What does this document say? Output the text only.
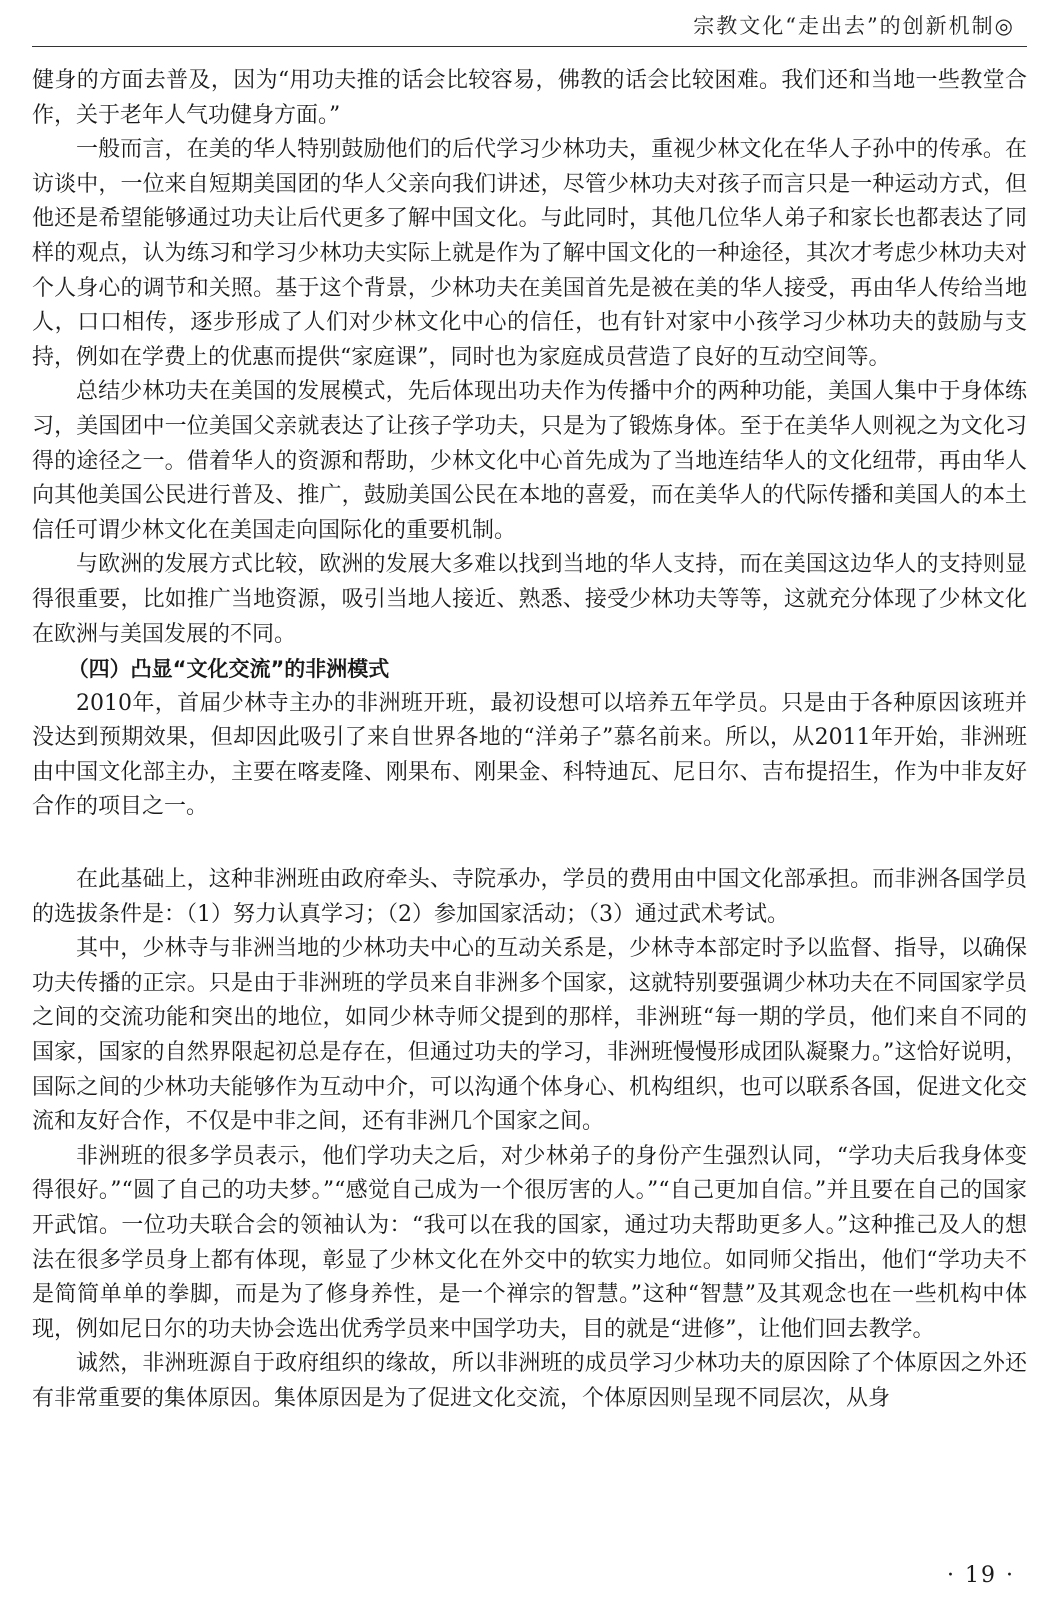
宗教文化“走出去”的创新机制◎

健身的方面去普及，因为“用功夫推的话会比较容易，佛教的话会比较困难。我们还和当地一些教堂合作，关于老年人气功健身方面。”

一般而言，在美的华人特别鼓励他们的后代学习少林功夫，重视少林文化在华人子孙中的传承。在访谈中，一位来自短期美国团的华人父亲向我们讲述，尽管少林功夫对孩子而言只是一种运动方式，但他还是希望能够通过功夫让后代更多了解中国文化。与此同时，其他几位华人弟子和家长也都表达了同样的观点，认为练习和学习少林功夫实际上就是作为了解中国文化的一种途径，其次才考虑少林功夫对个人身心的调节和关照。基于这个背景，少林功夫在美国首先是被在美的华人接受，再由华人传给当地人，口口相传，逐步形成了人们对少林文化中心的信任，也有针对家中小孩学习少林功夫的鼓励与支持，例如在学费上的优惠而提供“家庭课”，同时也为家庭成员营造了良好的互动空间等。

总结少林功夫在美国的发展模式，先后体现出功夫作为传播中介的两种功能，美国人集中于身体练习，美国团中一位美国父亲就表达了让孩子学功夫，只是为了锻炼身体。至于在美华人则视之为文化习得的途径之一。借着华人的资源和帮助，少林文化中心首先成为了当地连结华人的文化纽带，再由华人向其他美国公民进行普及、推广，鼓励美国公民在本地的喜爱，而在美华人的代际传播和美国人的本土信任可谓少林文化在美国走向国际化的重要机制。

与欧洲的发展方式比较，欧洲的发展大多难以找到当地的华人支持，而在美国这边华人的支持则显得很重要，比如推广当地资源，吸引当地人接近、熟悉、接受少林功夫等等，这就充分体现了少林文化在欧洲与美国发展的不同。

（四）凸显“文化交流”的非洲模式

2010年，首届少林寺主办的非洲班开班，最初设想可以培养五年学员。只是由于各种原因该班并没达到预期效果，但却因此吸引了来自世界各地的“洋弟子”慕名前来。所以，从2011年开始，非洲班由中国文化部主办，主要在喀麦隆、刚果布、刚果金、科特迪瓦、尼日尔、吉布提招生，作为中非友好合作的项目之一。

在此基础上，这种非洲班由政府牵头、寺院承办，学员的费用由中国文化部承担。而非洲各国学员的选拔条件是：（1）努力认真学习；（2）参加国家活动；（3）通过武术考试。

其中，少林寺与非洲当地的少林功夫中心的互动关系是，少林寺本部定时予以监督、指导，以确保功夫传播的正宗。只是由于非洲班的学员来自非洲多个国家，这就特别要强调少林功夫在不同国家学员之间的交流功能和突出的地位，如同少林寺师父提到的那样，非洲班“每一期的学员，他们来自不同的国家，国家的自然界限起初总是存在，但通过功夫的学习，非洲班慢慢形成团队凝聚力。”这恰好说明，国际之间的少林功夫能够作为互动中介，可以沟通个体身心、机构组织，也可以联系各国，促进文化交流和友好合作，不仅是中非之间，还有非洲几个国家之间。

非洲班的很多学员表示，他们学功夫之后，对少林弟子的身份产生强烈认同，“学功夫后我身体变得很好。”“圆了自己的功夫梦。”“感觉自己成为一个很厉害的人。”“自己更加自信。”并且要在自己的国家开武馆。一位功夫联合会的领袖认为：“我可以在我的国家，通过功夫帮助更多人。”这种推己及人的想法在很多学员身上都有体现，彰显了少林文化在外交中的软实力地位。如同师父指出，他们“学功夫不是简简单单的拳脚，而是为了修身养性，是一个禅宗的智慧。”这种“智慧”及其观念也在一些机构中体现，例如尼日尔的功夫协会选出优秀学员来中国学功夫，目的就是“进修”，让他们回去教学。

诚然，非洲班源自于政府组织的缘故，所以非洲班的成员学习少林功夫的原因除了个体原因之外还有非常重要的集体原因。集体原因是为了促进文化交流，个体原因则呈现不同层次，从身

· 19 ·
